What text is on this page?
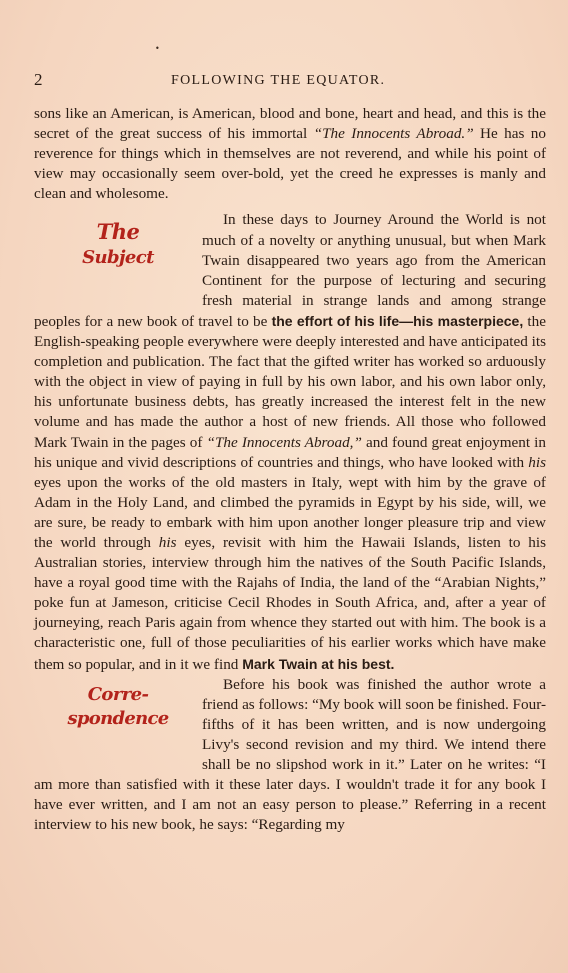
•
2	FOLLOWING THE EQUATOR.

sons like an American, is American, blood and bone, heart and head, and this is the secret of the great success of his immortal “The Innocents Abroad.” He has no reverence for things which in themselves are not reverend, and while his point of view may occasionally seem over-bold, yet the creed he expresses is manly and clean and wholesome.

The
Subject

In these days to Journey Around the World is not much of a novelty or anything unusual, but when Mark Twain disappeared two years ago from the American Continent for the purpose of lecturing and securing fresh material in strange lands and among strange peoples for a new book of travel to be the effort of his life—his masterpiece, the English-speaking people everywhere were deeply interested and have anticipated its completion and publication. The fact that the gifted writer has worked so arduously with the object in view of paying in full by his own labor, and his own labor only, his unfortunate business debts, has greatly increased the interest felt in the new volume and has made the author a host of new friends. All those who followed Mark Twain in the pages of “The Innocents Abroad,” and found great enjoyment in his unique and vivid descriptions of countries and things, who have looked with his eyes upon the works of the old masters in Italy, wept with him by the grave of Adam in the Holy Land, and climbed the pyramids in Egypt by his side, will, we are sure, be ready to embark with him upon another longer pleasure trip and view the world through his eyes, revisit with him the Hawaii Islands, listen to his Australian stories, interview through him the natives of the South Pacific Islands, have a royal good time with the Rajahs of India, the land of the “Arabian Nights,” poke fun at Jameson, criticise Cecil Rhodes in South Africa, and, after a year of journeying, reach Paris again from whence they started out with him. The book is a characteristic one, full of those peculiarities of his earlier works which have make them so popular, and in it we find Mark Twain at his best.

Corre-
spondence

Before his book was finished the author wrote a friend as follows: “My book will soon be finished. Four-fifths of it has been written, and is now undergoing Livy's second revision and my third. We intend there shall be no slipshod work in it.” Later on he writes: “I am more than satisfied with it these later days. I wouldn't trade it for any book I have ever written, and I am not an easy person to please.” Referring in a recent interview to his new book, he says: “Regarding my
